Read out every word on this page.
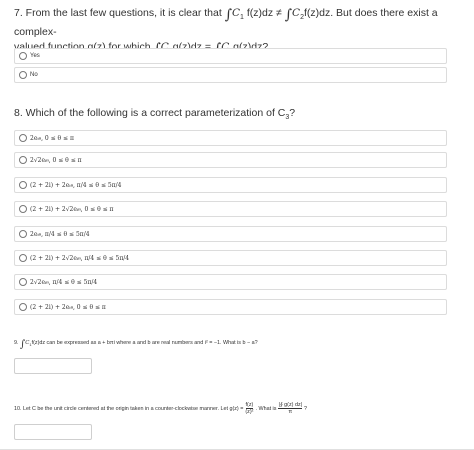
7. From the last few questions, it is clear that $\int C_1$ $f(z)dz \ne \int C_2f(z)dz$. But does there exist a complex-
Yes
No
8. Which of the following is a correct parameterization of $C_3$?
2e iθ , 0 ≤ θ ≤ π
2√2e iθ , 0 ≤ θ ≤ π
(2 + 2i) + 2e iθ , π/4 ≤ θ ≤ 5π/4
(2 + 2i) + 2√2e iθ , 0 ≤ θ ≤ π
2e iθ , π/4 ≤ θ ≤ 5π/4
(2 + 2i) + 2√2e iθ , π/4 ≤ θ ≤ 5π/4
2√2e iθ , π/4 ≤ θ ≤ 5π/4
(2 + 2i) + 2e iθ , 0 ≤ θ ≤ π
9. $\int C_1f(z)dz$ can be expressed as a + bπi where a and b are real numbers and i² = −1. What is b − a?
10. Let C be the unit circle centered at the origin taken in a counter-clockwise manner. Let $g(z) = \frac{f(z)}{\text{(z)²}}$ . What is $\frac{|∮ g(z) dz|}{\pi}$ ?
